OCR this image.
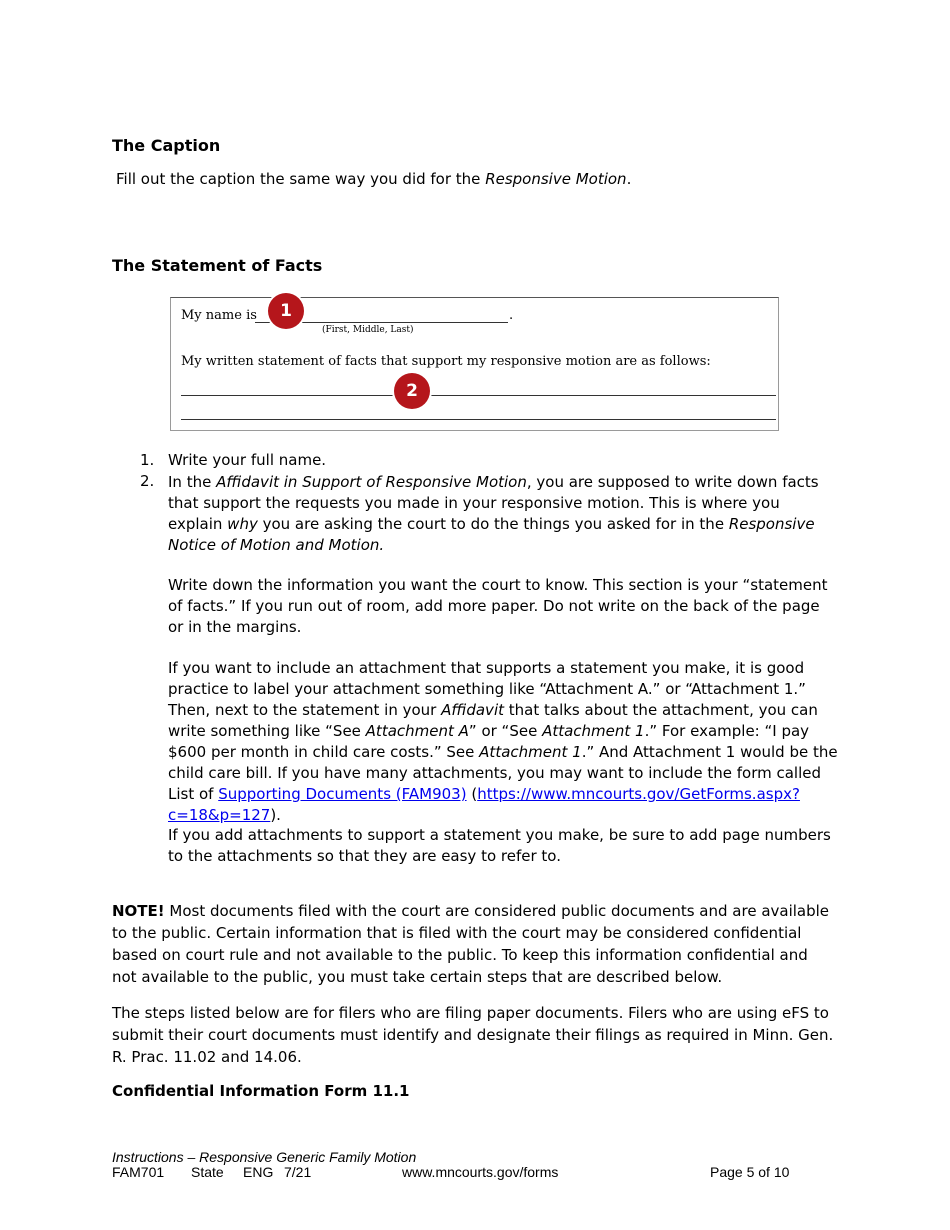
The Caption

Fill out the caption the same way you did for the Responsive Motion.

The Statement of Facts
My name is	.
(First, Middle, Last)
My written statement of facts that support my responsive motion are as follows:
1
2
1. Write your full name.
2. In the Affidavit in Support of Responsive Motion, you are supposed to write down facts that support the requests you made in your responsive motion. This is where you explain why you are asking the court to do the things you asked for in the Responsive Notice of Motion and Motion.

Write down the information you want the court to know. This section is your “statement of facts.” If you run out of room, add more paper. Do not write on the back of the page or in the margins.

If you want to include an attachment that supports a statement you make, it is good practice to label your attachment something like “Attachment A.” or “Attachment 1.” Then, next to the statement in your Affidavit that talks about the attachment, you can write something like “See Attachment A” or “See Attachment 1.” For example: “I pay $600 per month in child care costs.” See Attachment 1.” And Attachment 1 would be the child care bill. If you have many attachments, you may want to include the form called List of Supporting Documents (FAM903) (https://www.mncourts.gov/GetForms.aspx?c=18&p=127).

If you add attachments to support a statement you make, be sure to add page numbers to the attachments so that they are easy to refer to.

NOTE! Most documents filed with the court are considered public documents and are available to the public. Certain information that is filed with the court may be considered confidential based on court rule and not available to the public. To keep this information confidential and not available to the public, you must take certain steps that are described below.

The steps listed below are for filers who are filing paper documents. Filers who are using eFS to submit their court documents must identify and designate their filings as required in Minn. Gen. R. Prac. 11.02 and 14.06.

Confidential Information Form 11.1
Instructions – Responsive Generic Family Motion
FAM701 State ENG 7/21	www.mncourts.gov/forms	Page 5 of 10
